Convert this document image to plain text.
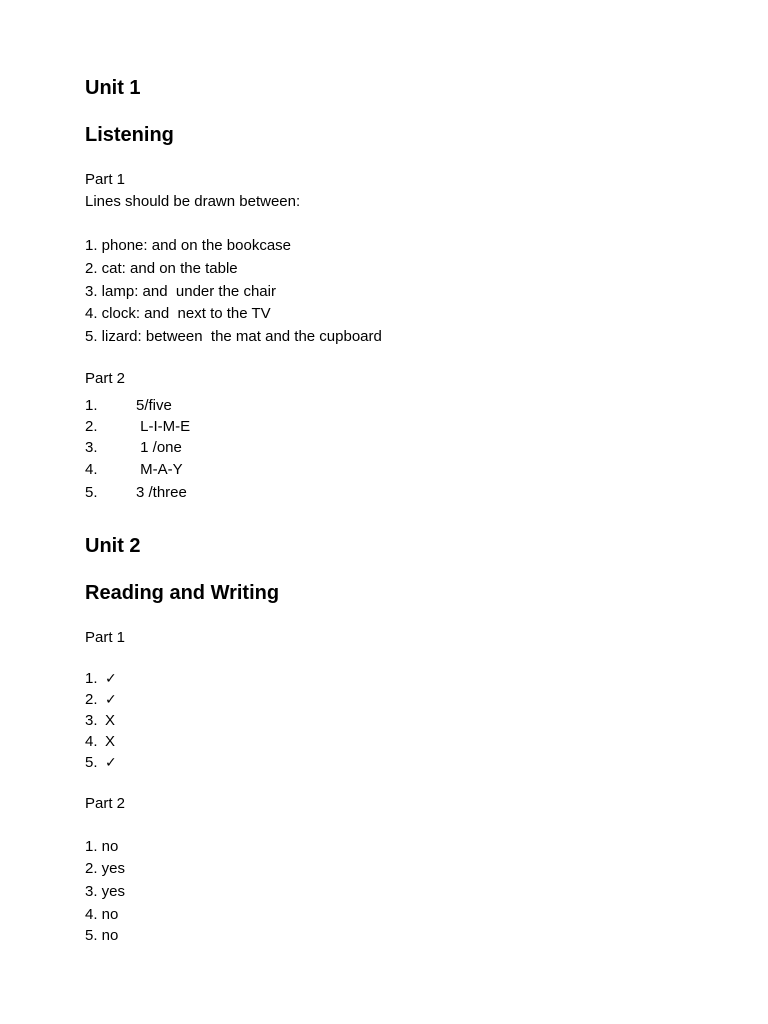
Unit 1
Listening
Part 1
Lines should be drawn between:
1. phone: and on the bookcase
2. cat: and on the table
3. lamp: and  under the chair
4. clock: and  next to the TV
5. lizard: between  the mat and the cupboard
Part 2
1.	5/five
2.	L-I-M-E
3.	1 /one
4.	M-A-Y
5.	3 /three
Unit 2
Reading and Writing
Part 1
1. ✓
2. ✓
3. X
4. X
5. ✓
Part 2
1. no
2. yes
3. yes
4. no
5. no
